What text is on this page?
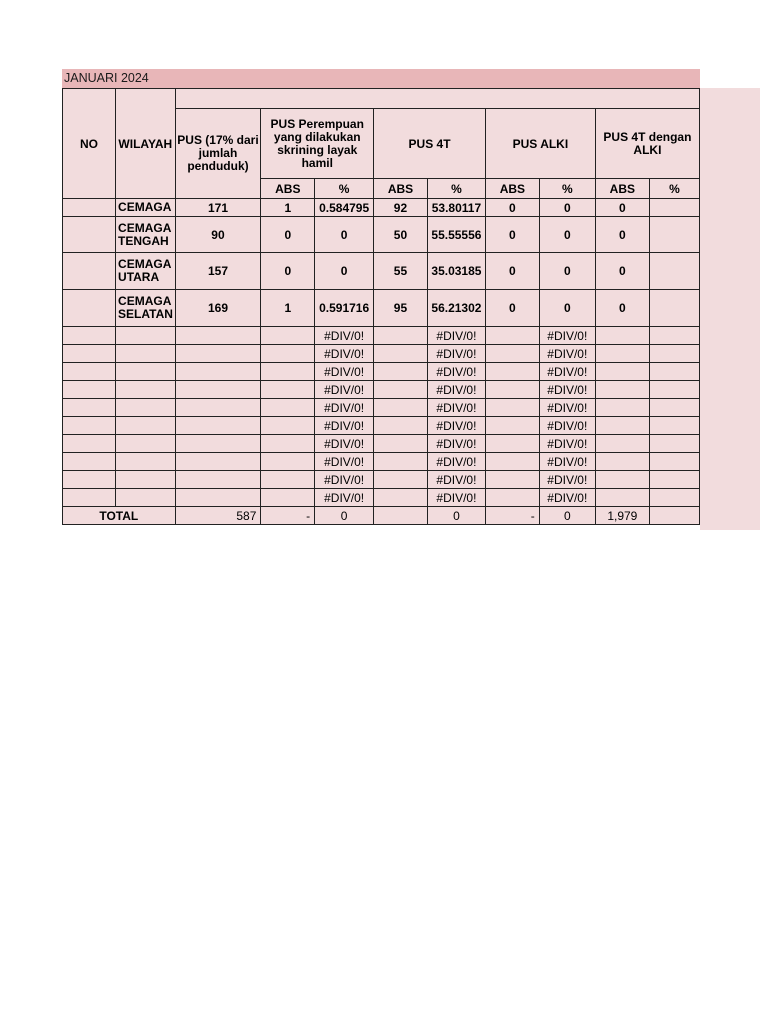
JANUARI 2024
NO	WILAYAH									
		PUS (17% dari jumlah penduduk)	PUS Perempuan yang dilakukan skrining layak hamil		PUS 4T		PUS ALKI		PUS 4T dengan ALKI	
			ABS	%	ABS	%	ABS	%	ABS	%
	CEMAGA	171	1	0.584795	92	53.80117	0	0	0	
	CEMAGA TENGAH	90	0	0	50	55.55556	0	0	0	
	CEMAGA UTARA	157	0	0	55	35.03185	0	0	0	
	CEMAGA SELATAN	169	1	0.591716	95	56.21302	0	0	0	
				#DIV/0!		#DIV/0!		#DIV/0!		
				#DIV/0!		#DIV/0!		#DIV/0!		
				#DIV/0!		#DIV/0!		#DIV/0!		
				#DIV/0!		#DIV/0!		#DIV/0!		
				#DIV/0!		#DIV/0!		#DIV/0!		
				#DIV/0!		#DIV/0!		#DIV/0!		
				#DIV/0!		#DIV/0!		#DIV/0!		
				#DIV/0!		#DIV/0!		#DIV/0!		
				#DIV/0!		#DIV/0!		#DIV/0!		
				#DIV/0!		#DIV/0!		#DIV/0!		
TOTAL		587	-	0		0	-	0	1,979	
